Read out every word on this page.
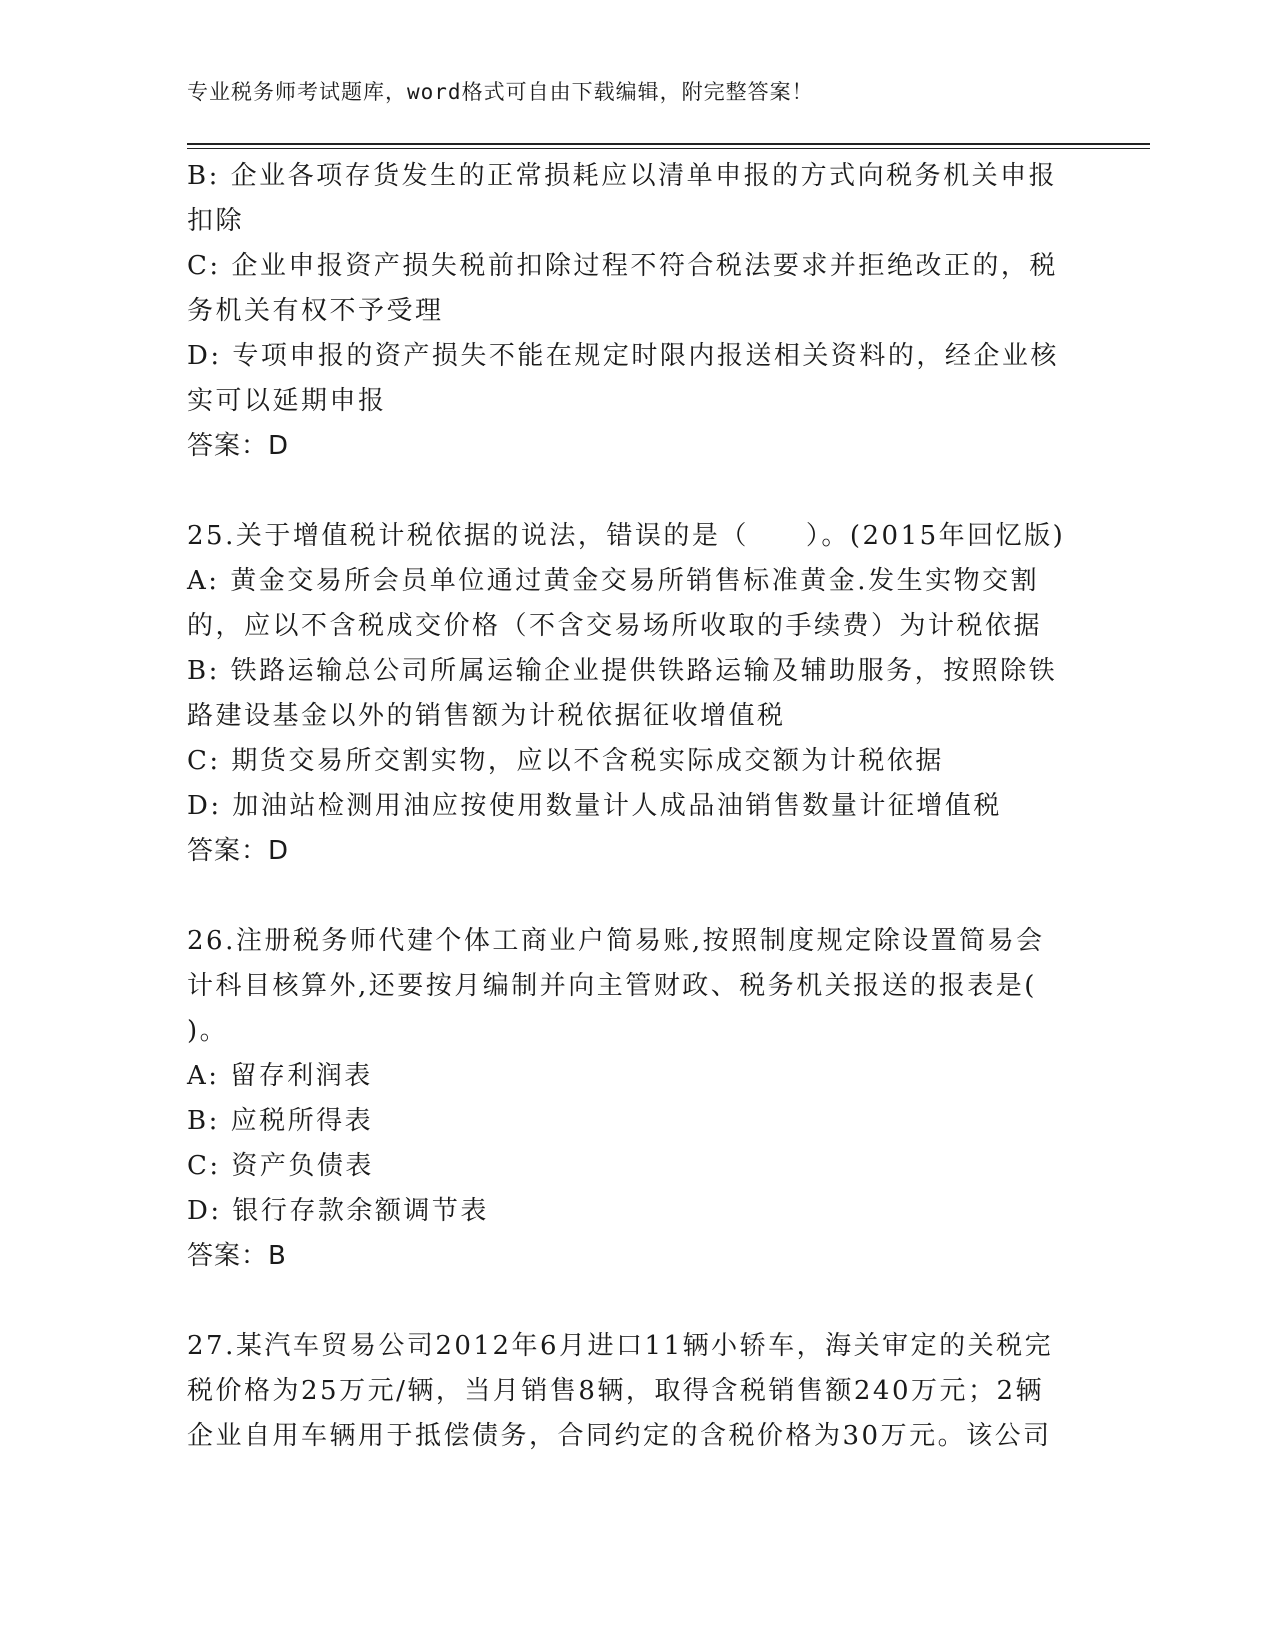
专业税务师考试题库，word格式可自由下载编辑，附完整答案！
B: 企业各项存货发生的正常损耗应以清单申报的方式向税务机关申报
扣除
C: 企业申报资产损失税前扣除过程不符合税法要求并拒绝改正的，税
务机关有权不予受理
D: 专项申报的资产损失不能在规定时限内报送相关资料的，经企业核
实可以延期申报
答案：D
25.关于增值税计税依据的说法，错误的是（　　）。(2015年回忆版)
A: 黄金交易所会员单位通过黄金交易所销售标准黄金.发生实物交割
的，应以不含税成交价格（不含交易场所收取的手续费）为计税依据
B: 铁路运输总公司所属运输企业提供铁路运输及辅助服务，按照除铁
路建设基金以外的销售额为计税依据征收增值税
C: 期货交易所交割实物，应以不含税实际成交额为计税依据
D: 加油站检测用油应按使用数量计人成品油销售数量计征增值税
答案：D
26.注册税务师代建个体工商业户简易账,按照制度规定除设置简易会
计科目核算外,还要按月编制并向主管财政、税务机关报送的报表是(
)。
A: 留存利润表
B: 应税所得表
C: 资产负债表
D: 银行存款余额调节表
答案：B
27.某汽车贸易公司2012年6月进口11辆小轿车，海关审定的关税完
税价格为25万元/辆，当月销售8辆，取得含税销售额240万元；2辆
企业自用车辆用于抵偿债务，合同约定的含税价格为30万元。该公司
